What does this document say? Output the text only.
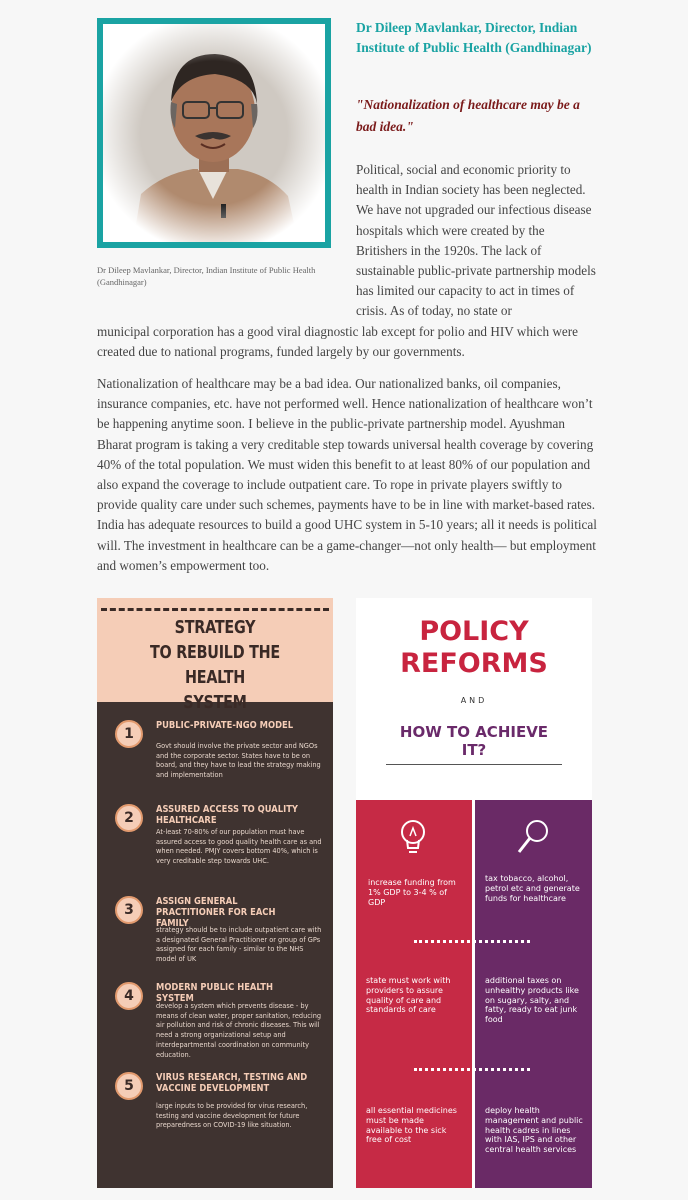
Dr Dileep Mavlankar, Director, Indian Institute of Public Health (Gandhinagar)
Dr Dileep Mavlankar, Director, Indian Institute of Public Health (Gandhinagar)
"Nationalization of healthcare may be a bad idea."
Political, social and economic priority to health in Indian society has been neglected. We have not upgraded our infectious disease hospitals which were created by the Britishers in the 1920s. The lack of sustainable public-private partnership models has limited our capacity to act in times of crisis. As of today, no state or
municipal corporation has a good viral diagnostic lab except for polio and HIV which were created due to national programs, funded largely by our governments.
Nationalization of healthcare may be a bad idea. Our nationalized banks, oil companies, insurance companies, etc. have not performed well. Hence nationalization of healthcare won’t be happening anytime soon. I believe in the public-private partnership model. Ayushman Bharat program is taking a very creditable step towards universal health coverage by covering 40% of the total population. We must widen this benefit to at least 80% of our population and also expand the coverage to include outpatient care. To rope in private players swiftly to provide quality care under such schemes, payments have to be in line with market-based rates. India has adequate resources to build a good UHC system in 5-10 years; all it needs is political will. The investment in healthcare can be a game-changer—not only health— but employment and women’s empowerment too.
STRATEGY
TO REBUILD THE HEALTH
SYSTEM
1
PUBLIC-PRIVATE-NGO MODEL
Govt should involve the private sector and NGOs and the corporate sector. States have to be on board, and they have to lead the strategy making and implementation
2
ASSURED ACCESS TO QUALITY HEALTHCARE
At-least 70-80% of our population must have assured access to good quality health care as and when needed. PMJY covers bottom 40%, which is very creditable step towards UHC.
3
ASSIGN GENERAL PRACTITIONER FOR EACH FAMILY
strategy should be to include outpatient care with a designated General Practitioner or group of GPs assigned for each family - similar to the NHS model of UK
4
MODERN PUBLIC HEALTH SYSTEM
develop a system which prevents disease - by means of clean water, proper sanitation, reducing air pollution and risk of chronic diseases. This will need a strong organizational setup and interdepartmental coordination on community education.
5
VIRUS RESEARCH, TESTING AND VACCINE DEVELOPMENT
large inputs to be provided for virus research, testing and vaccine development for future preparedness on COVID-19 like situation.
POLICY
REFORMS
AND
HOW TO ACHIEVE
IT?
increase funding from 1% GDP to 3-4 % of GDP
state must work with providers to assure quality of care and standards of care
all essential medicines must be made available to the sick free of cost
tax tobacco, alcohol, petrol etc and generate funds for healthcare
additional taxes on unhealthy products like on sugary, salty, and fatty, ready to eat junk food
deploy health management and public health cadres in lines with IAS, IPS and other central health services
